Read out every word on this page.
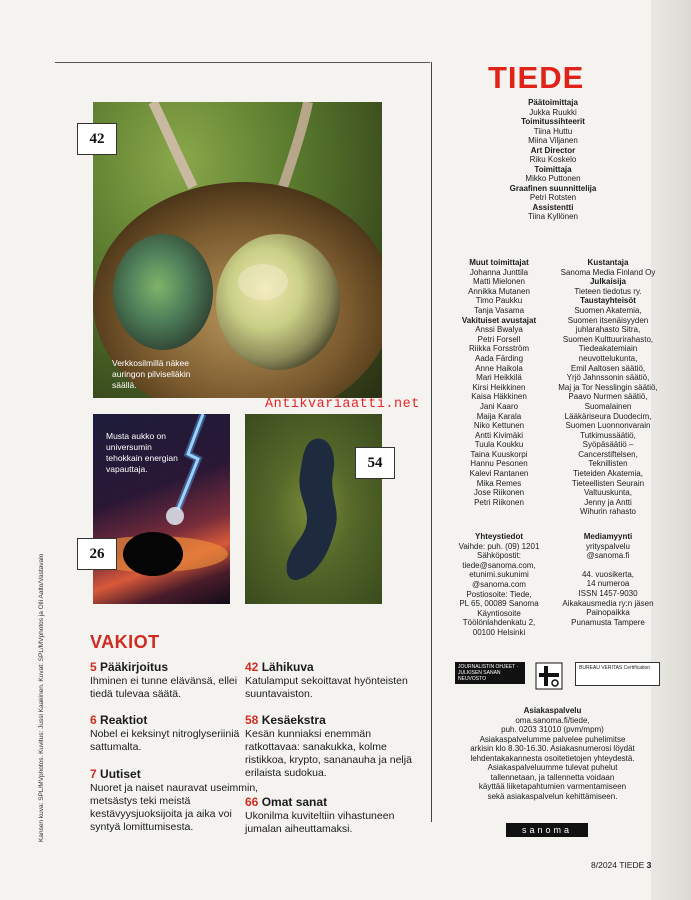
42
Verkkosilmillä näkee auringon pilviselläkin säällä.
Musta aukko on universumin tehokkain energian vapauttaja.
26
54
VAKIOT
5 Pääkirjoitus
Ihminen ei tunne elävänsä, ellei tiedä tulevaa säätä.
6 Reaktiot
Nobel ei keksinyt nitroglyseriiniä sattumalta.
7 Uutiset
Nuoret ja naiset nauravat useimmin, metsästys teki meistä kestävyysjuoksijoita ja aika voi syntyä lomittumisesta.
42 Lähikuva
Katulamput sekoittavat hyönteisten suuntavaiston.
58 Kesäekstra
Kesän kunniaksi enemmän ratkottavaa: sanakukka, kolme ristikkoa, krypto, sananauha ja neljä erilaista sudokua.
66 Omat sanat
Ukonilma kuviteltiin vihastuneen jumalan aiheuttamaksi.
Kansen kuva: SPL/MVphotos. Kuvitus: Jussi Kaakinen. Kuvat: SPL/MVphotos ja Olli Aalto/Vastavalo
TIEDE
Päätoimittaja
Jukka Ruukki
Toimitussihteerit
Tiina Huttu
Miina Viljanen
Art Director
Riku Koskelo
Toimittaja
Mikko Puttonen
Graafinen suunnittelija
Petri Rotsten
Assistentti
Tiina Kyllönen
Muut toimittajat
Johanna Junttila
Matti Mielonen
Annikka Mutanen
Timo Paukku
Tanja Vasama
Vakituiset avustajat
Anssi Bwalya
Petri Forsell
Riikka Forsström
Aada Färding
Anne Haikola
Mari Heikkilä
Kirsi Heikkinen
Kaisa Häkkinen
Jani Kaaro
Maija Karala
Niko Kettunen
Antti Kivimäki
Tuula Koukku
Taina Kuuskorpi
Hannu Pesonen
Kalevi Rantanen
Mika Remes
Jose Riikonen
Petri Riikonen
Kustantaja
Sanoma Media Finland Oy
Julkaisija
Tieteen tiedotus ry.
Taustayhteisöt
Suomen Akatemia,
Suomen itsenäisyyden
juhlarahasto Sitra,
Suomen Kulttuurirahasto,
Tiedeakatemiain
neuvottelukunta,
Emil Aaltosen säätiö,
Yrjö Jahnssonin säätiö,
Maj ja Tor Nesslingin säätiö,
Paavo Nurmen säätiö,
Suomalainen
Lääkäriseura Duodecim,
Suomen Luonnonvarain
Tutkimussäätiö,
Syöpäsäätiö –
Cancerstiftelsen,
Teknillisten
Tieteiden Akatemia,
Tieteellisten Seurain
Valtuuskunta,
Jenny ja Antti
Wihurin rahasto
Antikvariaatti.net
Yhteystiedot
Vaihde: puh. (09) 1201
Sähköpostit:
tiede@sanoma.com,
etunimi.sukunimi
@sanoma.com
Postiosoite: Tiede,
PL 65, 00089 Sanoma
Käyntiosoite
Töölönlahdenkatu 2,
00100 Helsinki
Mediamyynti
yrityspalvelu
@sanoma.fi
44. vuosikerta,
14 numeroa
ISSN 1457-9030
Aikakausmedia ry:n jäsen
Painopaikka
Punamusta Tampere
JOURNALISTIN OHJEET · JULKISEN SANAN NEUVOSTO
BUREAU VERITAS Certification
Asiakaspalvelu
oma.sanoma.fi/tiede,
puh. 0203 31010 (pvm/mpm)
Asiakaspalvelumme palvelee puhelimitse
arkisin klo 8.30-16.30. Asiakasnumerosi löydät
lehdentakakannesta osoitetietojen yhteydestä.
Asiakaspalveluumme tulevat puhelut
tallennetaan, ja tallennetta voidaan
käyttää liiketapahtumien varmentamiseen
sekä asiakaspalvelun kehittämiseen.
sanoma
8/2024 TIEDE 3
